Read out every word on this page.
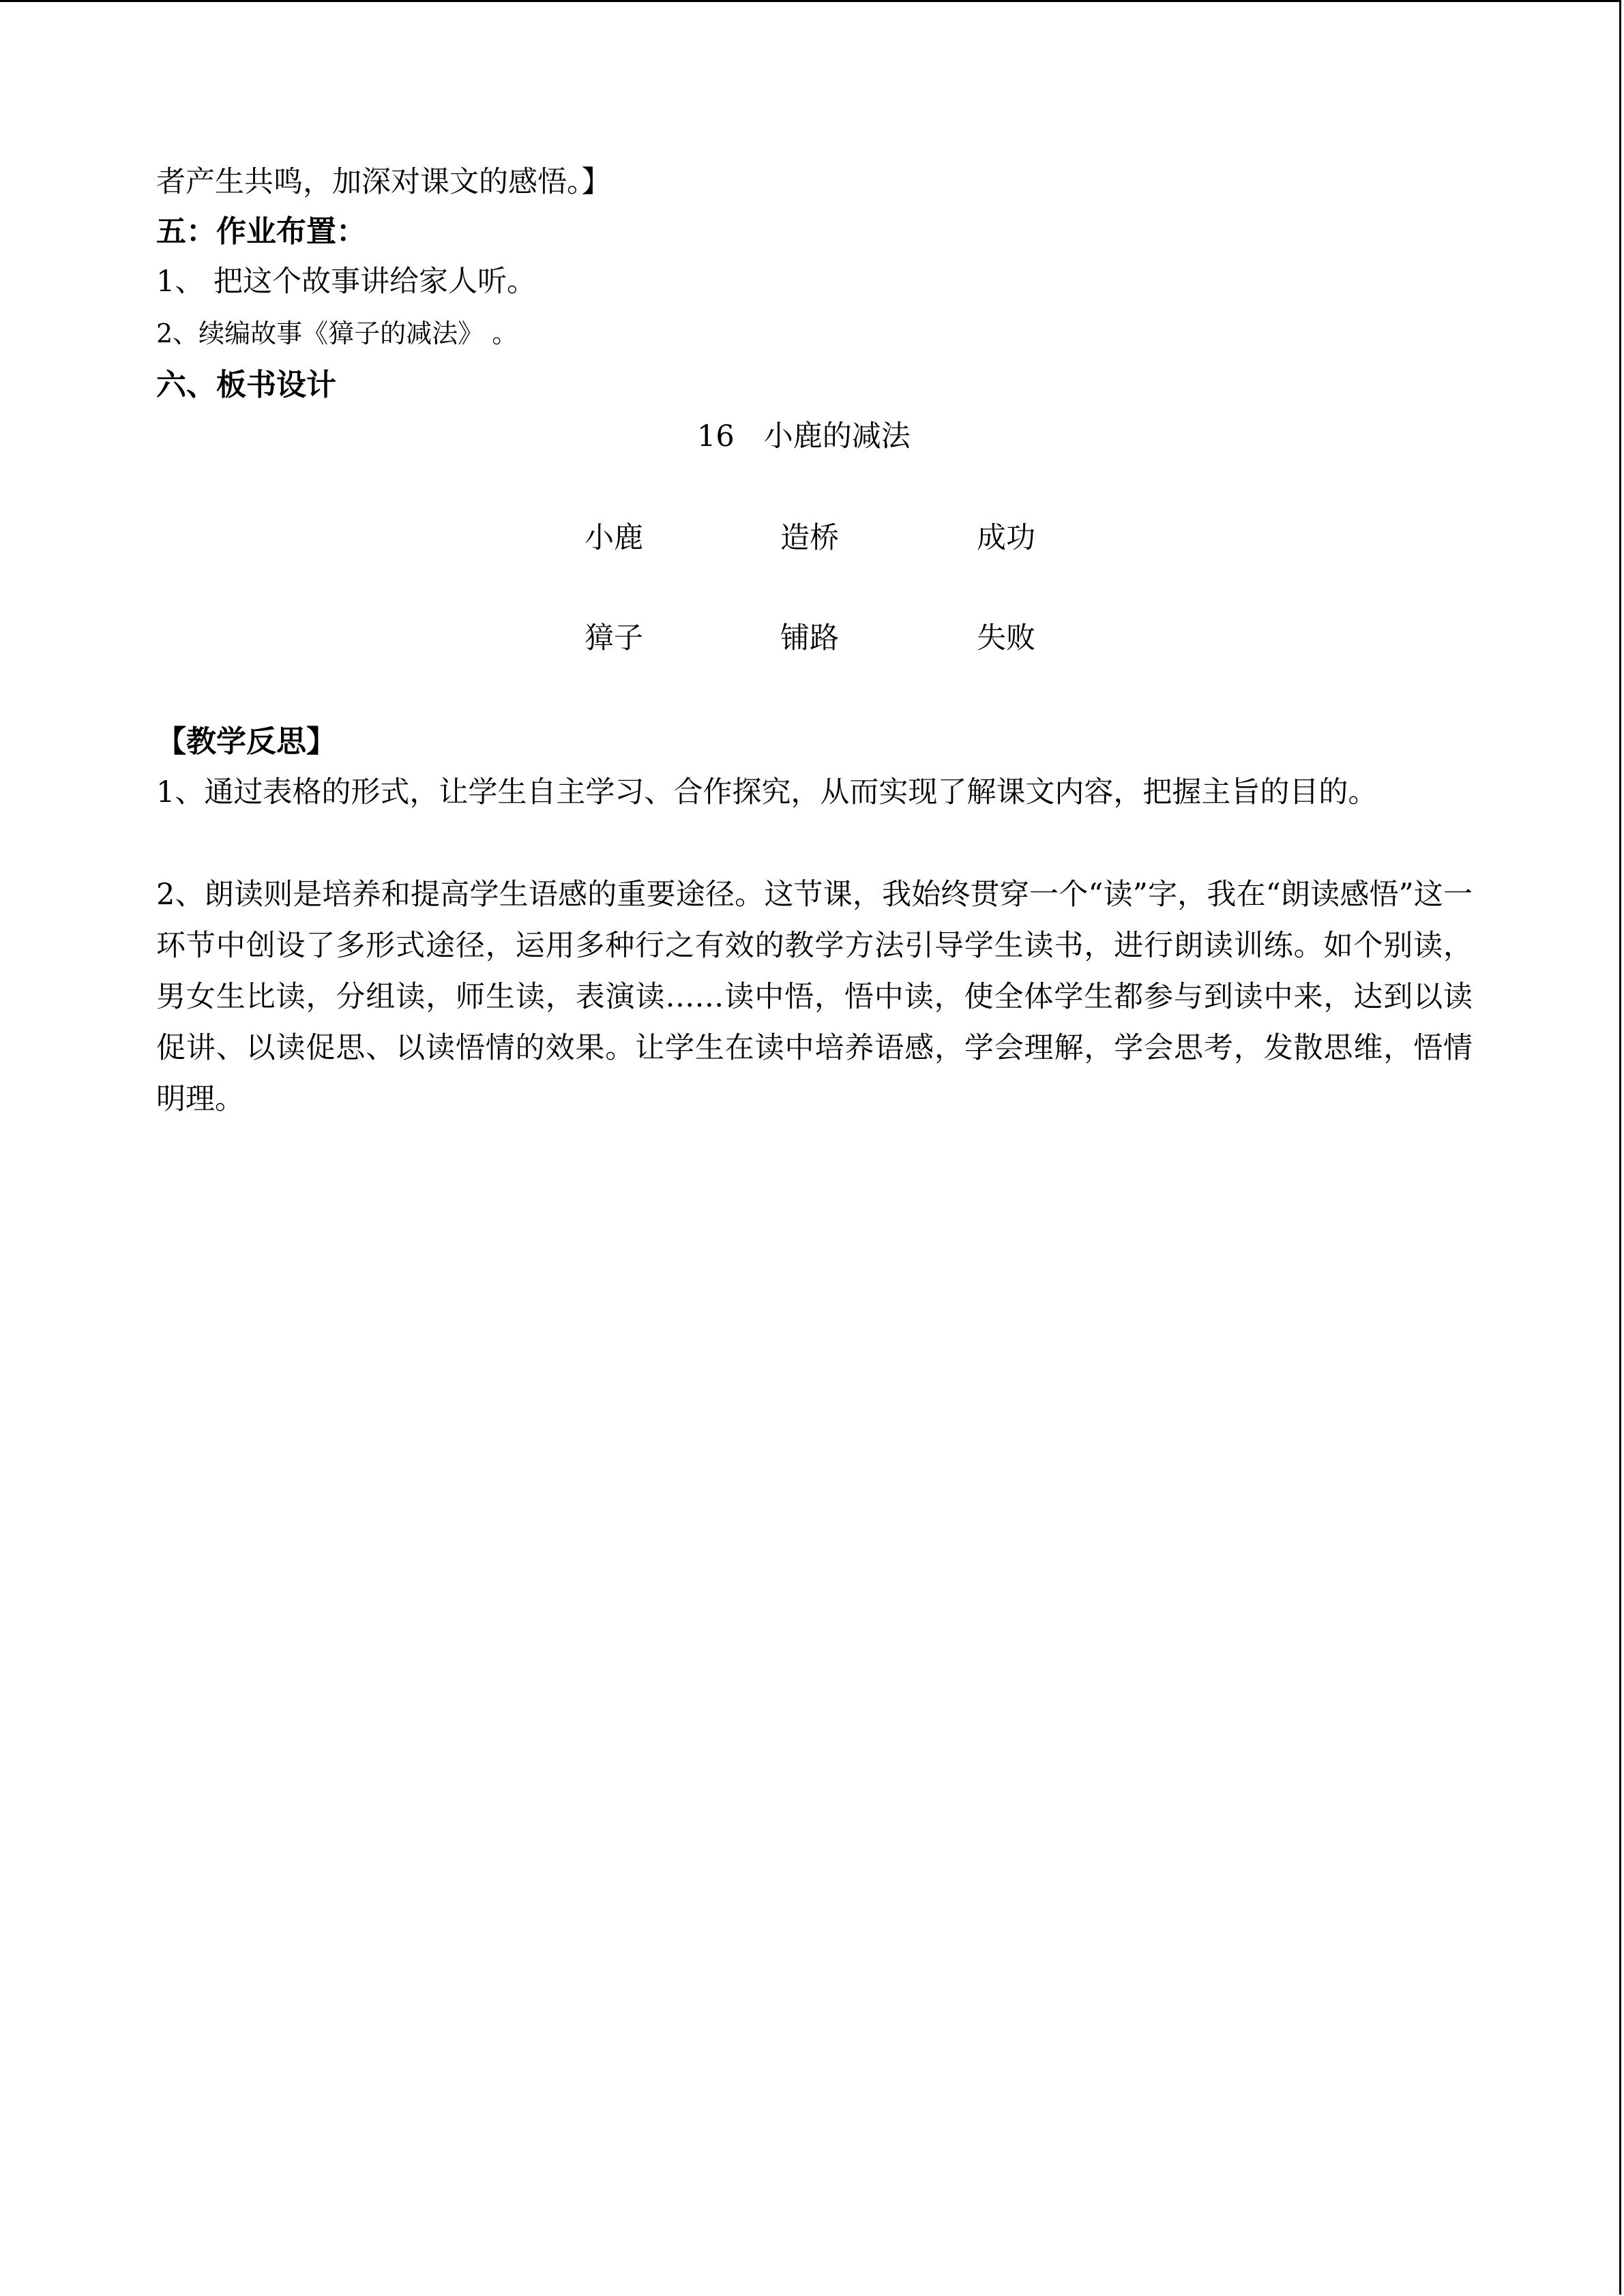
者产生共鸣，加深对课文的感悟。】
五：作业布置：
1、 把这个故事讲给家人听。
2、续编故事《獐子的减法》 。
六、板书设计
16　小鹿的减法
小鹿	造桥	成功
獐子	铺路	失败
【教学反思】
1、通过表格的形式，让学生自主学习、合作探究，从而实现了解课文内容，把握主旨的目的。
2、朗读则是培养和提高学生语感的重要途径。这节课，我始终贯穿一个“读”字，我在“朗读感悟”这一环节中创设了多形式途径，运用多种行之有效的教学方法引导学生读书，进行朗读训练。如个别读，男女生比读，分组读，师生读，表演读……读中悟，悟中读，使全体学生都参与到读中来，达到以读促讲、以读促思、以读悟情的效果。让学生在读中培养语感，学会理解，学会思考，发散思维，悟情明理。
